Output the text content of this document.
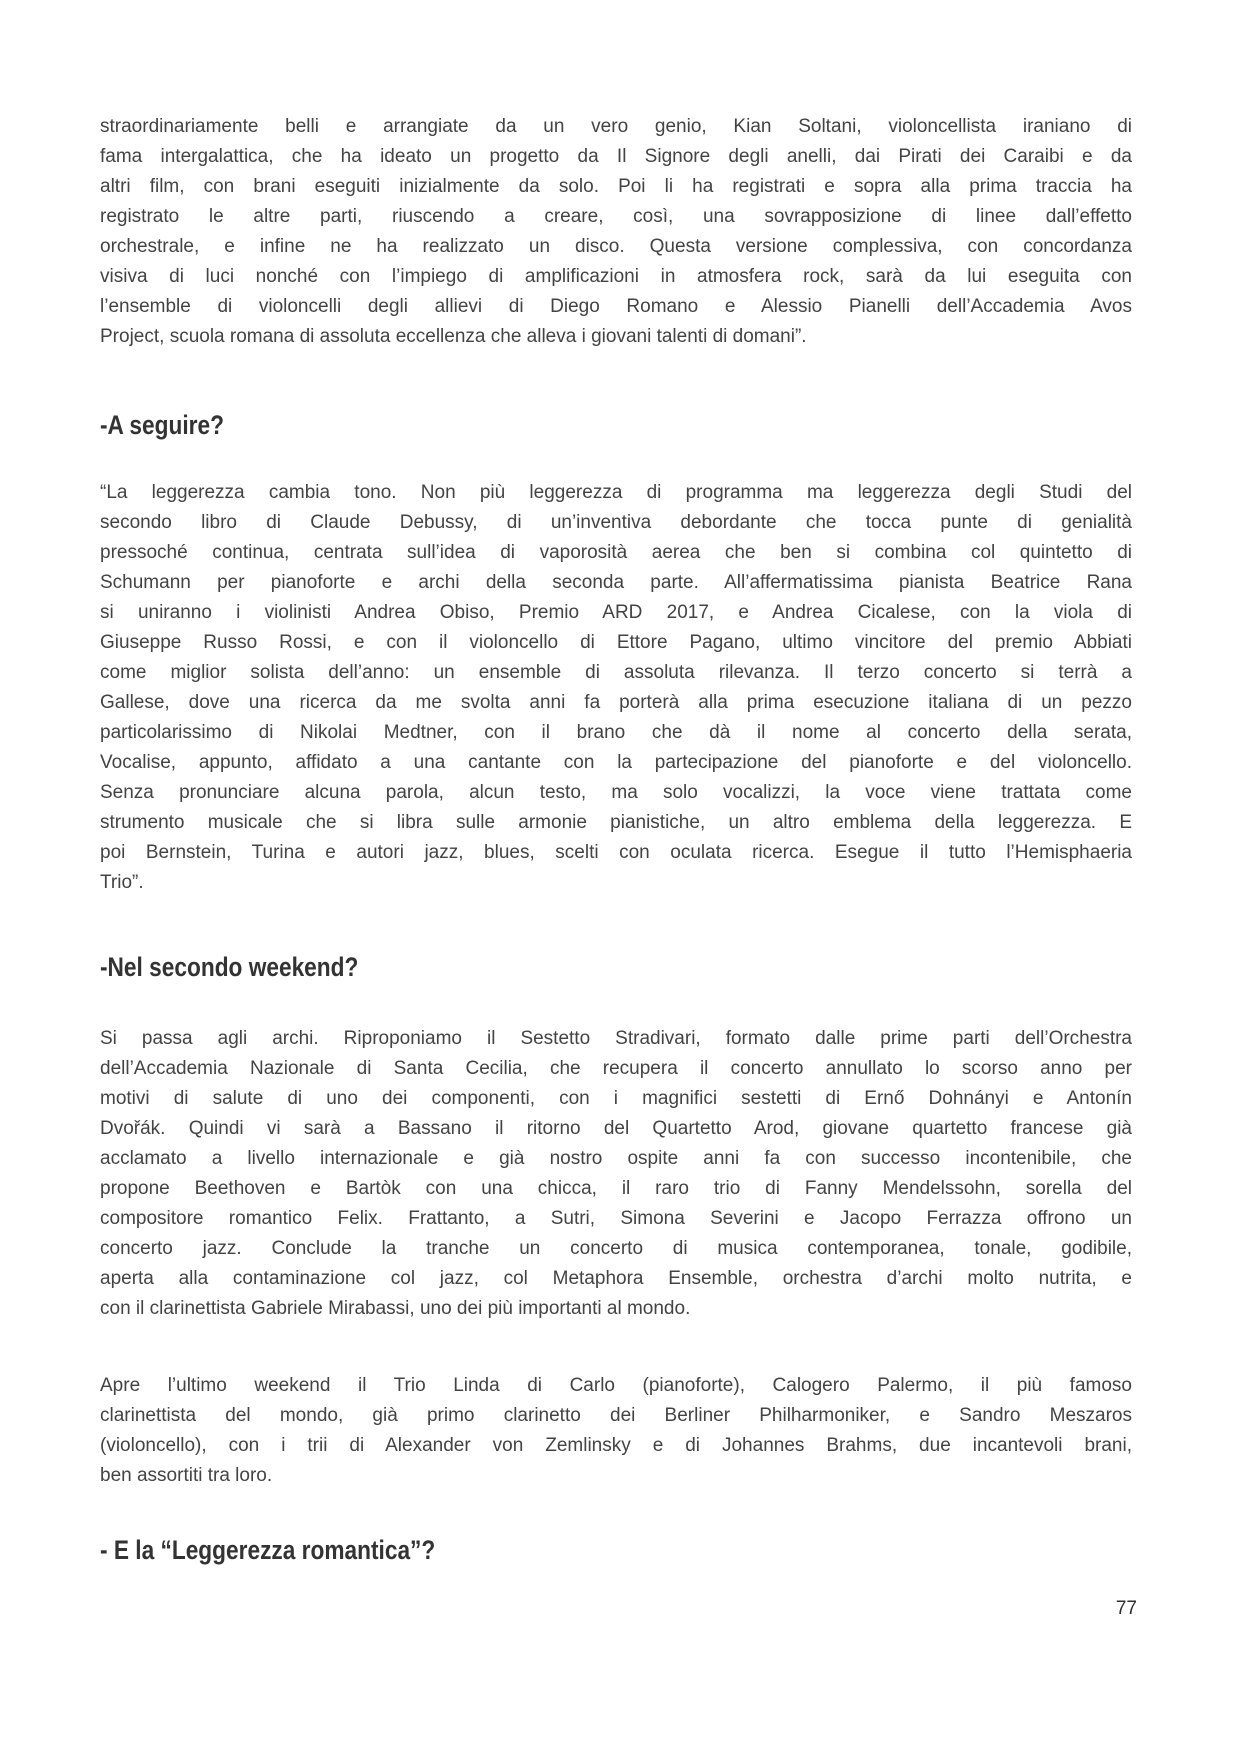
straordinariamente belli e arrangiate da un vero genio, Kian Soltani, violoncellista iraniano di
fama intergalattica, che ha ideato un progetto da Il Signore degli anelli, dai Pirati dei Caraibi e da
altri film, con brani eseguiti inizialmente da solo. Poi li ha registrati e sopra alla prima traccia ha
registrato le altre parti, riuscendo a creare, così, una sovrapposizione di linee dall’effetto
orchestrale, e infine ne ha realizzato un disco. Questa versione complessiva, con concordanza
visiva di luci nonché con l’impiego di amplificazioni in atmosfera rock, sarà da lui eseguita con
l’ensemble di violoncelli degli allievi di Diego Romano e Alessio Pianelli dell’Accademia Avos
Project, scuola romana di assoluta eccellenza che alleva i giovani talenti di domani”.
-A seguire?
“La leggerezza cambia tono. Non più leggerezza di programma ma leggerezza degli Studi del
secondo libro di Claude Debussy, di un’inventiva debordante che tocca punte di genialità
pressoché continua, centrata sull’idea di vaporosità aerea che ben si combina col quintetto di
Schumann per pianoforte e archi della seconda parte. All’affermatissima pianista Beatrice Rana
si uniranno i violinisti Andrea Obiso, Premio ARD 2017, e Andrea Cicalese, con la viola di
Giuseppe Russo Rossi, e con il violoncello di Ettore Pagano, ultimo vincitore del premio Abbiati
come miglior solista dell’anno: un ensemble di assoluta rilevanza. Il terzo concerto si terrà a
Gallese, dove una ricerca da me svolta anni fa porterà alla prima esecuzione italiana di un pezzo
particolarissimo di Nikolai Medtner, con il brano che dà il nome al concerto della serata,
Vocalise, appunto, affidato a una cantante con la partecipazione del pianoforte e del violoncello.
Senza pronunciare alcuna parola, alcun testo, ma solo vocalizzi, la voce viene trattata come
strumento musicale che si libra sulle armonie pianistiche, un altro emblema della leggerezza. E
poi Bernstein, Turina e autori jazz, blues, scelti con oculata ricerca. Esegue il tutto l’Hemisphaeria
Trio”.
-Nel secondo weekend?
Si passa agli archi. Riproponiamo il Sestetto Stradivari, formato dalle prime parti dell’Orchestra
dell’Accademia Nazionale di Santa Cecilia, che recupera il concerto annullato lo scorso anno per
motivi di salute di uno dei componenti, con i magnifici sestetti di Ernő Dohnányi e Antonín
Dvořák. Quindi vi sarà a Bassano il ritorno del Quartetto Arod, giovane quartetto francese già
acclamato a livello internazionale e già nostro ospite anni fa con successo incontenibile, che
propone Beethoven e Bartòk con una chicca, il raro trio di Fanny Mendelssohn, sorella del
compositore romantico Felix. Frattanto, a Sutri, Simona Severini e Jacopo Ferrazza offrono un
concerto jazz. Conclude la tranche un concerto di musica contemporanea, tonale, godibile,
aperta alla contaminazione col jazz, col Metaphora Ensemble, orchestra d’archi molto nutrita, e
con il clarinettista Gabriele Mirabassi, uno dei più importanti al mondo.
Apre l’ultimo weekend il Trio Linda di Carlo (pianoforte), Calogero Palermo, il più famoso
clarinettista del mondo, già primo clarinetto dei Berliner Philharmoniker, e Sandro Meszaros
(violoncello), con i trii di Alexander von Zemlinsky e di Johannes Brahms, due incantevoli brani,
ben assortiti tra loro.
- E la “Leggerezza romantica”?
77
